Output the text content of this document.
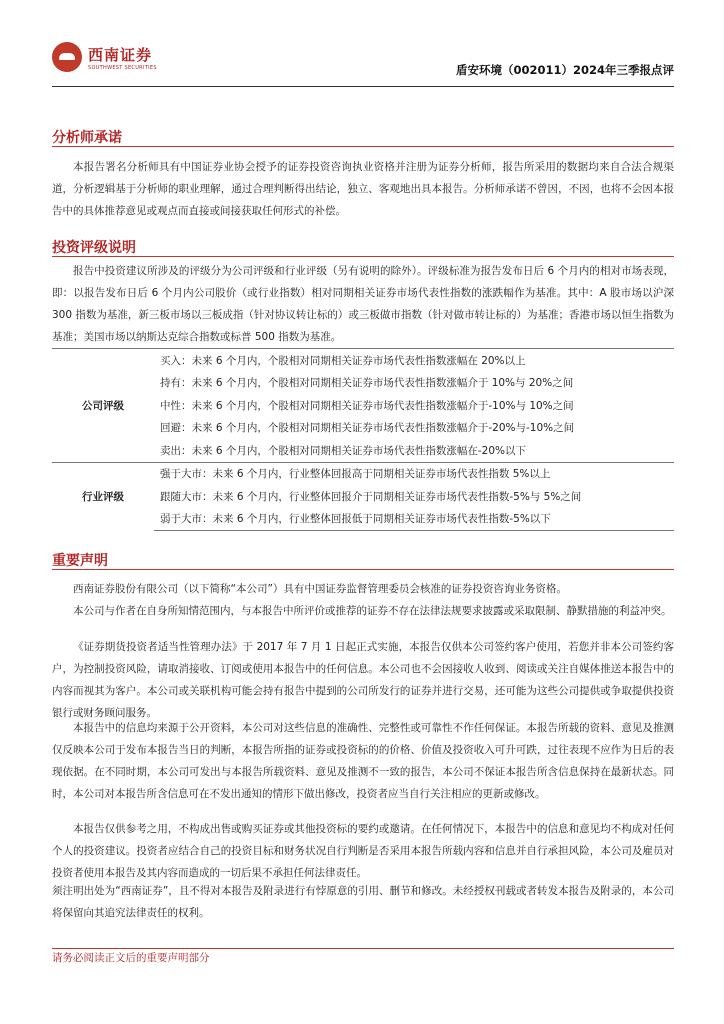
西南证券
SOUTHWEST SECURITIES	盾安环境（002011）2024年三季报点评
分析师承诺

本报告署名分析师具有中国证券业协会授予的证券投资咨询执业资格并注册为证券分析师，报告所采用的数据均来自合法合规渠道，分析逻辑基于分析师的职业理解，通过合理判断得出结论，独立、客观地出具本报告。分析师承诺不曾因，不因，也将不会因本报告中的具体推荐意见或观点而直接或间接获取任何形式的补偿。

投资评级说明

报告中投资建议所涉及的评级分为公司评级和行业评级（另有说明的除外）。评级标准为报告发布日后 6 个月内的相对市场表现，即：以报告发布日后 6 个月内公司股价（或行业指数）相对同期相关证券市场代表性指数的涨跌幅作为基准。其中：A 股市场以沪深 300 指数为基准，新三板市场以三板成指（针对协议转让标的）或三板做市指数（针对做市转让标的）为基准；香港市场以恒生指数为基准；美国市场以纳斯达克综合指数或标普 500 指数为基准。

公司评级	买入：未来 6 个月内，个股相对同期相关证券市场代表性指数涨幅在 20%以上
	持有：未来 6 个月内，个股相对同期相关证券市场代表性指数涨幅介于 10%与 20%之间
	中性：未来 6 个月内，个股相对同期相关证券市场代表性指数涨幅介于-10%与 10%之间
	回避：未来 6 个月内，个股相对同期相关证券市场代表性指数涨幅介于-20%与-10%之间
	卖出：未来 6 个月内，个股相对同期相关证券市场代表性指数涨幅在-20%以下
行业评级	强于大市：未来 6 个月内，行业整体回报高于同期相关证券市场代表性指数 5%以上
	跟随大市：未来 6 个月内，行业整体回报介于同期相关证券市场代表性指数-5%与 5%之间
	弱于大市：未来 6 个月内，行业整体回报低于同期相关证券市场代表性指数-5%以下
重要声明

西南证券股份有限公司（以下简称“本公司”）具有中国证券监督管理委员会核准的证券投资咨询业务资格。

本公司与作者在自身所知情范围内，与本报告中所评价或推荐的证券不存在法律法规要求披露或采取限制、静默措施的利益冲突。

《证券期货投资者适当性管理办法》于 2017 年 7 月 1 日起正式实施，本报告仅供本公司签约客户使用，若您并非本公司签约客户，为控制投资风险，请取消接收、订阅或使用本报告中的任何信息。本公司也不会因接收人收到、阅读或关注自媒体推送本报告中的内容而视其为客户。本公司或关联机构可能会持有报告中提到的公司所发行的证券并进行交易，还可能为这些公司提供或争取提供投资银行或财务顾问服务。

本报告中的信息均来源于公开资料，本公司对这些信息的准确性、完整性或可靠性不作任何保证。本报告所载的资料、意见及推测仅反映本公司于发布本报告当日的判断，本报告所指的证券或投资标的的价格、价值及投资收入可升可跌，过往表现不应作为日后的表现依据。在不同时期，本公司可发出与本报告所载资料、意见及推测不一致的报告，本公司不保证本报告所含信息保持在最新状态。同时，本公司对本报告所含信息可在不发出通知的情形下做出修改，投资者应当自行关注相应的更新或修改。

本报告仅供参考之用，不构成出售或购买证券或其他投资标的要约或邀请。在任何情况下，本报告中的信息和意见均不构成对任何个人的投资建议。投资者应结合自己的投资目标和财务状况自行判断是否采用本报告所载内容和信息并自行承担风险，本公司及雇员对投资者使用本报告及其内容而造成的一切后果不承担任何法律责任。

须注明出处为“西南证券”，且不得对本报告及附录进行有悖原意的引用、删节和修改。未经授权刊载或者转发本报告及附录的，本公司将保留向其追究法律责任的权利。

请务必阅读正文后的重要声明部分
